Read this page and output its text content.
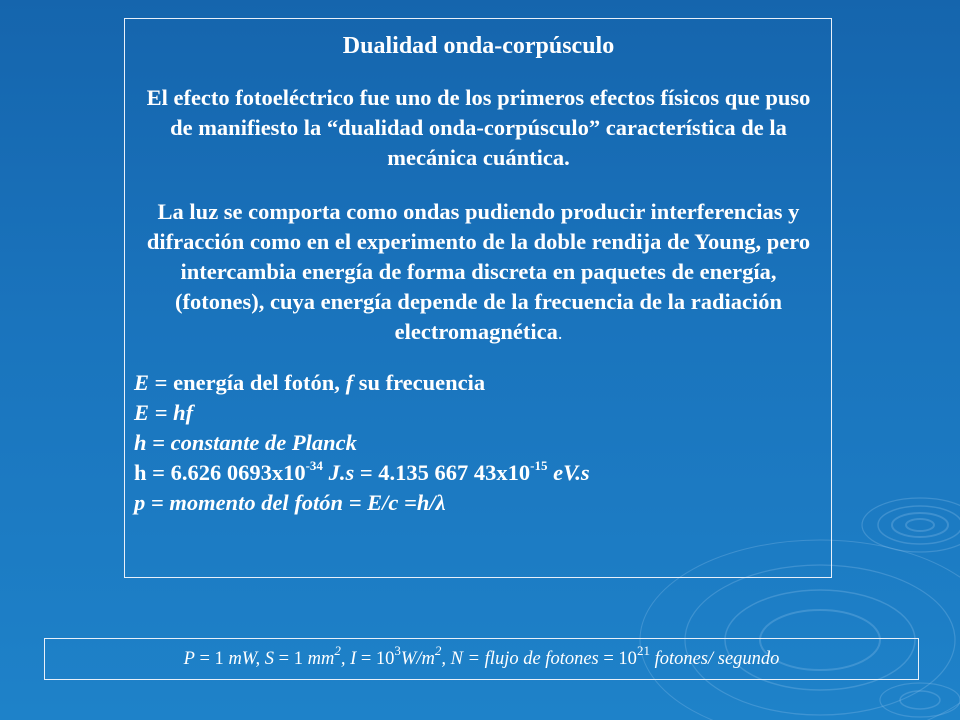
Dualidad onda-corpúsculo
El efecto fotoeléctrico fue uno de los primeros efectos físicos que puso de manifiesto la “dualidad onda-corpúsculo” característica de la mecánica cuántica.
La luz se comporta como ondas pudiendo producir interferencias y difracción como en el experimento de la doble rendija de Young, pero intercambia energía de forma discreta en paquetes de energía, (fotones), cuya energía depende de la frecuencia de la radiación electromagnética.
E = energía del fotón, f su frecuencia
E = hf
h = constante de Planck
h = 6.626 $0693x10^{-34}$ J.s = 4.135 667 $43x10^{-15}$ eV.s
p = momento del fotón = E/c =h/λ
P = 1 mW, S = 1 $mm^2$, $I = 10^3W/m^2$, N = flujo de fotones = $10^{21}$ fotones/ segundo
